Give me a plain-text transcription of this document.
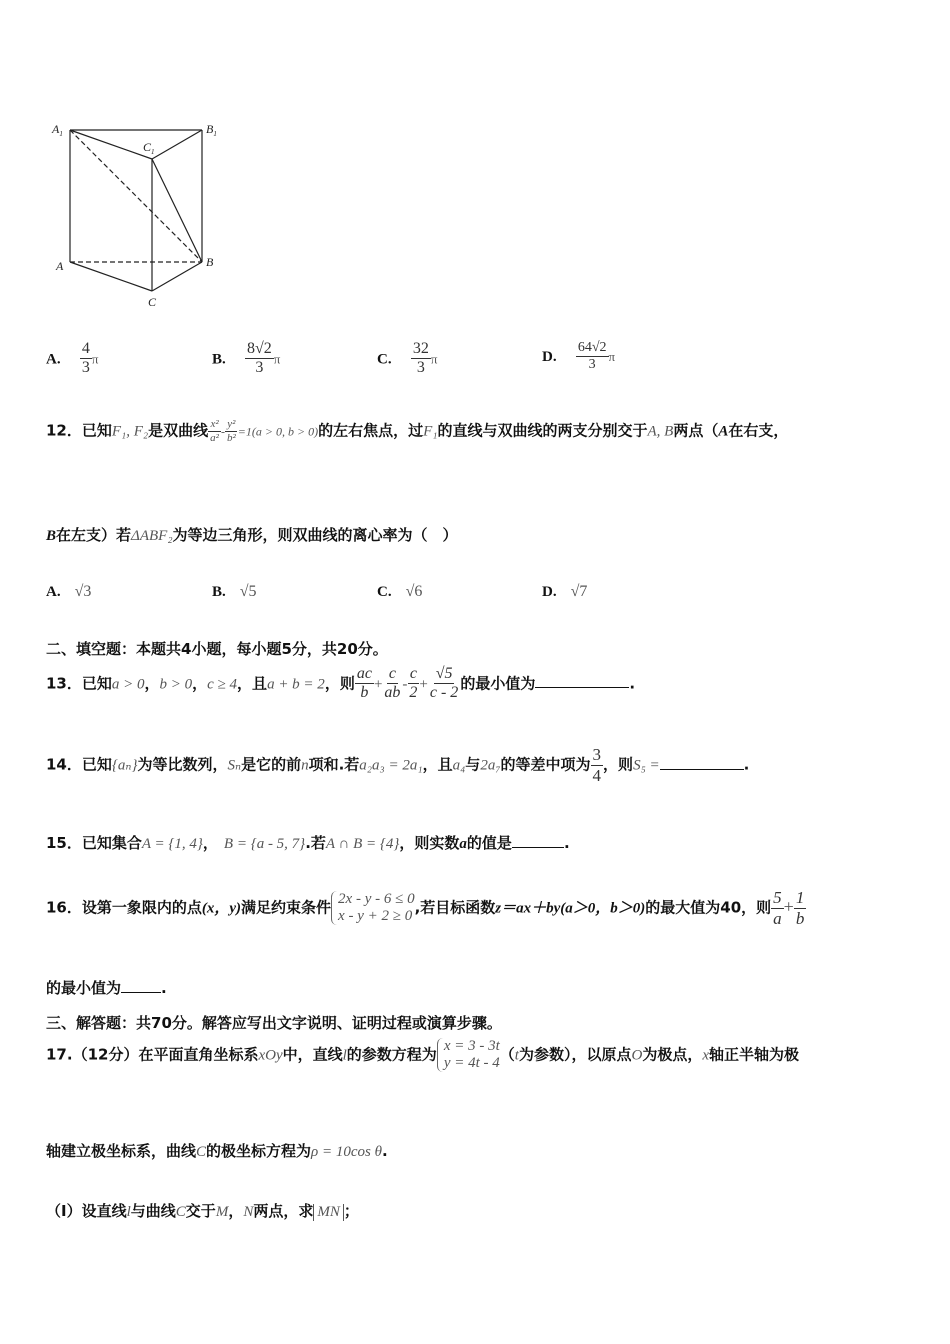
$A_1$	$B_1$
$C_1$
A	B
C
A. $\frac{4}{3}$ π	B. $\frac{8√2}{3}$ π	C. $\frac{32}{3}$ π	D. $\frac{64√2}{3}$ π
12．已知F₁, F₂是双曲线 $\frac{\text{x²}}{\text{a²}} - \frac{\text{y²}}{\text{b²}} =1(a > 0$, b > 0)的左右焦点，过F₁的直线与双曲线的两支分别交于A, B两点（A在右支，
B在左支）若ΔABF₂为等边三角形，则双曲线的离心率为（　）
A. √3	B. √5	C. √6	D. √7
二、填空题：本题共4小题，每小题5分，共20分。
13．已知a > 0，b > 0，c ≥ 4，且a + b = 2，则 $\frac{ac}{b} + \frac{c}{ab} - \frac{c}{2} + \frac{√5}{c - 2}$ 的最小值为	.
14．已知{aₙ}为等比数列，Sₙ是它的前n项和.若a₂a₃ = 2a₁，且a₄与2a₇的等差中项为 $\frac{3}{4}$ ，则S₅ =	.
15．已知集合A = {1, 4}， B = {a - 5, 7}.若A ∩ B = {4}，则实数a的值是	.
16．设第一象限内的点(x，y)满足约束条件 2x - y - 6 ≤ 0
x - y + 2 ≥ 0 ,若目标函数z＝ax＋by(a＞0，b＞0)的最大值为40，则 $\frac{5}{a} + \frac{1}{b}$
的最小值为	.
三、解答题：共70分。解答应写出文字说明、证明过程或演算步骤。
17.（12分）在平面直角坐标系xOy中，直线l的参数方程为 x = 3 - 3t
y = 4t - 4 （t为参数），以原点O为极点，x轴正半轴为极
轴建立极坐标系，曲线C的极坐标方程为ρ = 10cos θ.
（Ⅰ）设直线l与曲线C交于M，N两点，求 MN ；
